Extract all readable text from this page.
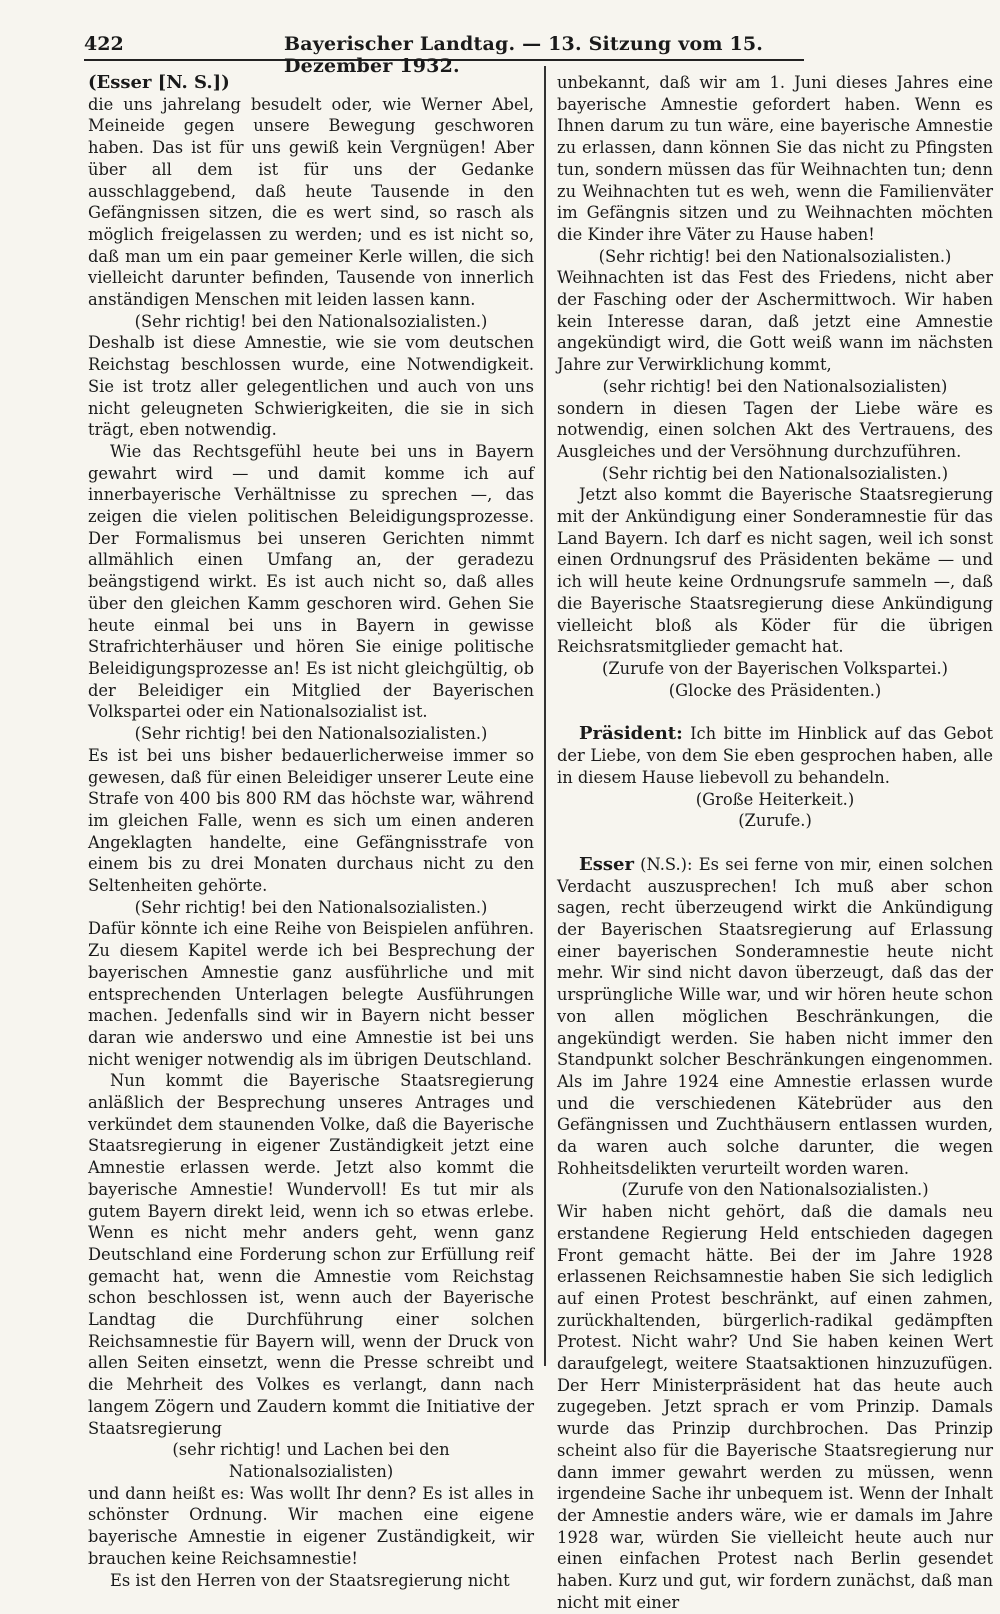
422	Bayerischer Landtag. — 13. Sitzung vom 15. Dezember 1932.

(Esser [N. S.])

die uns jahrelang besudelt oder, wie Werner Abel, Meineide gegen unsere Bewegung geschworen haben. Das ist für uns gewiß kein Vergnügen! Aber über all dem ist für uns der Gedanke ausschlaggebend, daß heute Tausende in den Gefängnissen sitzen, die es wert sind, so rasch als möglich freigelassen zu werden; und es ist nicht so, daß man um ein paar gemeiner Kerle willen, die sich vielleicht darunter befinden, Tausende von innerlich anständigen Menschen mit leiden lassen kann.

(Sehr richtig! bei den Nationalsozialisten.)

Deshalb ist diese Amnestie, wie sie vom deutschen Reichstag beschlossen wurde, eine Notwendigkeit. Sie ist trotz aller gelegentlichen und auch von uns nicht geleugneten Schwierigkeiten, die sie in sich trägt, eben notwendig.

Wie das Rechtsgefühl heute bei uns in Bayern gewahrt wird — und damit komme ich auf innerbayerische Verhältnisse zu sprechen —, das zeigen die vielen politischen Beleidigungsprozesse. Der Formalismus bei unseren Gerichten nimmt allmählich einen Umfang an, der geradezu beängstigend wirkt. Es ist auch nicht so, daß alles über den gleichen Kamm geschoren wird. Gehen Sie heute einmal bei uns in Bayern in gewisse Strafrichterhäuser und hören Sie einige politische Beleidigungsprozesse an! Es ist nicht gleichgültig, ob der Beleidiger ein Mitglied der Bayerischen Volkspartei oder ein Nationalsozialist ist.

(Sehr richtig! bei den Nationalsozialisten.)

Es ist bei uns bisher bedauerlicherweise immer so gewesen, daß für einen Beleidiger unserer Leute eine Strafe von 400 bis 800 RM das höchste war, während im gleichen Falle, wenn es sich um einen anderen Angeklagten handelte, eine Gefängnisstrafe von einem bis zu drei Monaten durchaus nicht zu den Seltenheiten gehörte.

(Sehr richtig! bei den Nationalsozialisten.)

Dafür könnte ich eine Reihe von Beispielen anführen. Zu diesem Kapitel werde ich bei Besprechung der bayerischen Amnestie ganz ausführliche und mit entsprechenden Unterlagen belegte Ausführungen machen. Jedenfalls sind wir in Bayern nicht besser daran wie anderswo und eine Amnestie ist bei uns nicht weniger notwendig als im übrigen Deutschland.

Nun kommt die Bayerische Staatsregierung anläßlich der Besprechung unseres Antrages und verkündet dem staunenden Volke, daß die Bayerische Staatsregierung in eigener Zuständigkeit jetzt eine Amnestie erlassen werde. Jetzt also kommt die bayerische Amnestie! Wundervoll! Es tut mir als gutem Bayern direkt leid, wenn ich so etwas erlebe. Wenn es nicht mehr anders geht, wenn ganz Deutschland eine Forderung schon zur Erfüllung reif gemacht hat, wenn die Amnestie vom Reichstag schon beschlossen ist, wenn auch der Bayerische Landtag die Durchführung einer solchen Reichsamnestie für Bayern will, wenn der Druck von allen Seiten einsetzt, wenn die Presse schreibt und die Mehrheit des Volkes es verlangt, dann nach langem Zögern und Zaudern kommt die Initiative der Staatsregierung

(sehr richtig! und Lachen bei den Nationalsozialisten)

und dann heißt es: Was wollt Ihr denn? Es ist alles in schönster Ordnung. Wir machen eine eigene bayerische Amnestie in eigener Zuständigkeit, wir brauchen keine Reichsamnestie!

Es ist den Herren von der Staatsregierung nicht

unbekannt, daß wir am 1. Juni dieses Jahres eine bayerische Amnestie gefordert haben. Wenn es Ihnen darum zu tun wäre, eine bayerische Amnestie zu erlassen, dann können Sie das nicht zu Pfingsten tun, sondern müssen das für Weihnachten tun; denn zu Weihnachten tut es weh, wenn die Familienväter im Gefängnis sitzen und zu Weihnachten möchten die Kinder ihre Väter zu Hause haben!

(Sehr richtig! bei den Nationalsozialisten.)

Weihnachten ist das Fest des Friedens, nicht aber der Fasching oder der Aschermittwoch. Wir haben kein Interesse daran, daß jetzt eine Amnestie angekündigt wird, die Gott weiß wann im nächsten Jahre zur Verwirklichung kommt,

(sehr richtig! bei den Nationalsozialisten)

sondern in diesen Tagen der Liebe wäre es notwendig, einen solchen Akt des Vertrauens, des Ausgleiches und der Versöhnung durchzuführen.

(Sehr richtig bei den Nationalsozialisten.)

Jetzt also kommt die Bayerische Staatsregierung mit der Ankündigung einer Sonderamnestie für das Land Bayern. Ich darf es nicht sagen, weil ich sonst einen Ordnungsruf des Präsidenten bekäme — und ich will heute keine Ordnungsrufe sammeln —, daß die Bayerische Staatsregierung diese Ankündigung vielleicht bloß als Köder für die übrigen Reichsratsmitglieder gemacht hat.

(Zurufe von der Bayerischen Volkspartei.)

(Glocke des Präsidenten.)

Präsident: Ich bitte im Hinblick auf das Gebot der Liebe, von dem Sie eben gesprochen haben, alle in diesem Hause liebevoll zu behandeln.

(Große Heiterkeit.)

(Zurufe.)

Esser (N.S.): Es sei ferne von mir, einen solchen Verdacht auszusprechen! Ich muß aber schon sagen, recht überzeugend wirkt die Ankündigung der Bayerischen Staatsregierung auf Erlassung einer bayerischen Sonderamnestie heute nicht mehr. Wir sind nicht davon überzeugt, daß das der ursprüngliche Wille war, und wir hören heute schon von allen möglichen Beschränkungen, die angekündigt werden. Sie haben nicht immer den Standpunkt solcher Beschränkungen eingenommen. Als im Jahre 1924 eine Amnestie erlassen wurde und die verschiedenen Kätebrüder aus den Gefängnissen und Zuchthäusern entlassen wurden, da waren auch solche darunter, die wegen Rohheitsdelikten verurteilt worden waren.

(Zurufe von den Nationalsozialisten.)

Wir haben nicht gehört, daß die damals neu erstandene Regierung Held entschieden dagegen Front gemacht hätte. Bei der im Jahre 1928 erlassenen Reichsamnestie haben Sie sich lediglich auf einen Protest beschränkt, auf einen zahmen, zurückhaltenden, bürgerlich-radikal gedämpften Protest. Nicht wahr? Und Sie haben keinen Wert daraufgelegt, weitere Staatsaktionen hinzuzufügen. Der Herr Ministerpräsident hat das heute auch zugegeben. Jetzt sprach er vom Prinzip. Damals wurde das Prinzip durchbrochen. Das Prinzip scheint also für die Bayerische Staatsregierung nur dann immer gewahrt werden zu müssen, wenn irgendeine Sache ihr unbequem ist. Wenn der Inhalt der Amnestie anders wäre, wie er damals im Jahre 1928 war, würden Sie vielleicht heute auch nur einen einfachen Protest nach Berlin gesendet haben. Kurz und gut, wir fordern zunächst, daß man nicht mit einer
